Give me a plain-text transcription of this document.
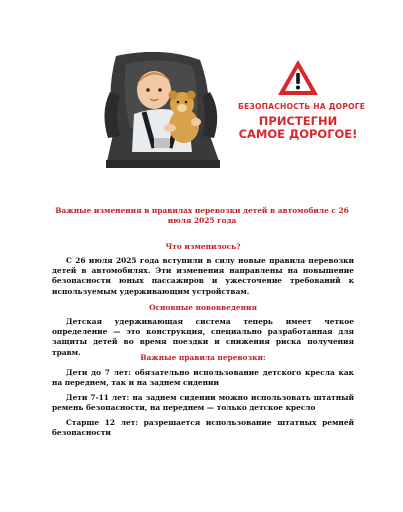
БЕЗОПАСНОСТЬ НА ДОРОГЕ
ПРИСТЕГНИ
САМОЕ ДОРОГОЕ!
Важные изменения в правилах перевозки детей в автомобиле с 26 июля 2025 года
Что изменилось?

С 26 июля 2025 года вступили в силу новые правила перевозки детей в автомобилях. Эти изменения направлены на повышение безопасности юных пассажиров и ужесточение требований к используемым удерживающим устройствам.

Основные нововведения

Детская удерживающая система теперь имеет четкое определение — это конструкция, специально разработанная для защиты детей во время поездки и снижения риска получения травм.

Важные правила перевозки:

Дети до 7 лет: обязательно использование детского кресла как на переднем, так и на заднем сидении

Дети 7-11 лет: на заднем сидении можно использовать штатный ремень безопасности, на переднем — только детское кресло

Старше 12 лет: разрешается использование штатных ремней безопасности
